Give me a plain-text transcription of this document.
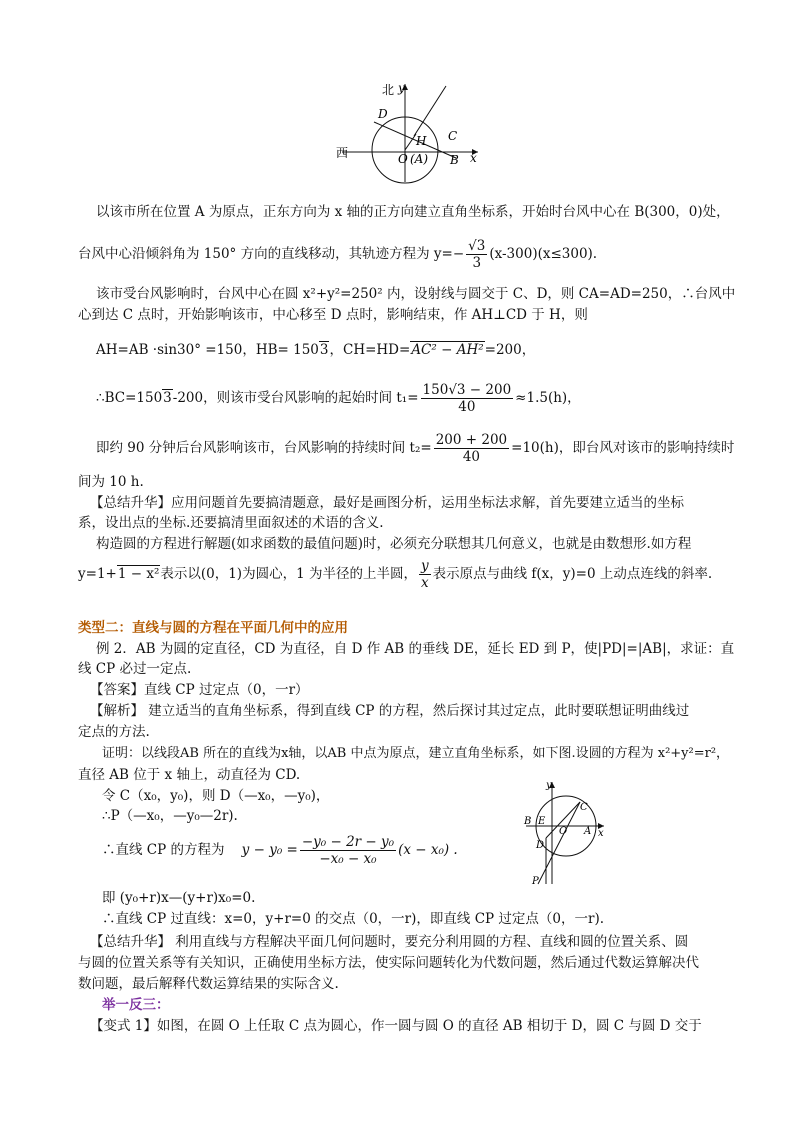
北 y
D
H C
西	O (A) B x
以该市所在位置 A 为原点，正东方向为 x 轴的正方向建立直角坐标系，开始时台风中心在 B(300，0)处，
台风中心沿倾斜角为 150° 方向的直线移动，其轨迹方程为 $y=- \frac{√3}{3} (x-300)(x\le 300)$.
该市受台风影响时，台风中心在圆 x²+y²=250² 内，设射线与圆交于 C、D，则 CA=AD=250，∴台风中
心到达 C 点时，开始影响该市，中心移至 D 点时，影响结束，作 AH⊥CD 于 H，则
AH=AB ·sin30° =150，HB= 1503，CH=HD=AC² − AH²=200，
∴BC=1503-200，则该市受台风影响的起始时间 $t_1= \frac{150√3 - 200}{40} \approx 1.5(h)$，
即约 90 分钟后台风影响该市，台风影响的持续时间 $t_2= \frac{200 + 200}{40} =10(h)$，即台风对该市的影响持续时
间为 10 h.
【总结升华】应用问题首先要搞清题意，最好是画图分析，运用坐标法求解，首先要建立适当的坐标
系，设出点的坐标.还要搞清里面叙述的术语的含义.
构造圆的方程进行解题(如求函数的最值问题)时，必须充分联想其几何意义，也就是由数想形.如方程
y=1+1 − x²表示以(0，1)为圆心，1 为半径的上半圆， $\frac{y}{x}$ 表示原点与曲线 f(x，y)=0 上动点连线的斜率.
类型二：直线与圆的方程在平面几何中的应用
例 2．AB 为圆的定直径，CD 为直径，自 D 作 AB 的垂线 DE，延长 ED 到 P，使|PD|=|AB|，求证：直
线 CP 必过一定点.
【答案】直线 CP 过定点（0，一r）
【解析】 建立适当的直角坐标系，得到直线 CP 的方程，然后探讨其过定点，此时要联想证明曲线过
定点的方法.
证明：以线段AB 所在的直线为x轴，以AB 中点为原点，建立直角坐标系，如下图.设圆的方程为 x²+y²=r²，
直径 AB 位于 x 轴上，动直径为 CD.
令 C（x₀，y₀)，则 D（—x₀，—y₀)，
∴P（—x₀，—y₀—2r).
∴直线 CP 的方程为 $y - y_0 = \frac{\text{−y₀ − 2r − y₀}}{\text{−x₀ − x₀}} (x - x_0)$ .
即 (y₀+r)x—(y+r)x₀=0.
∴直线 CP 过直线：x=0，y+r=0 的交点（0，一r)，即直线 CP 过定点（0，一r).
y
C
B E
O A x
D
P
【总结升华】 利用直线与方程解决平面几何问题时，要充分利用圆的方程、直线和圆的位置关系、圆
与圆的位置关系等有关知识，正确使用坐标方法，使实际问题转化为代数问题，然后通过代数运算解决代
数问题，最后解释代数运算结果的实际含义.
举一反三：
【变式 1】如图，在圆 O 上任取 C 点为圆心，作一圆与圆 O 的直径 AB 相切于 D，圆 C 与圆 D 交于
